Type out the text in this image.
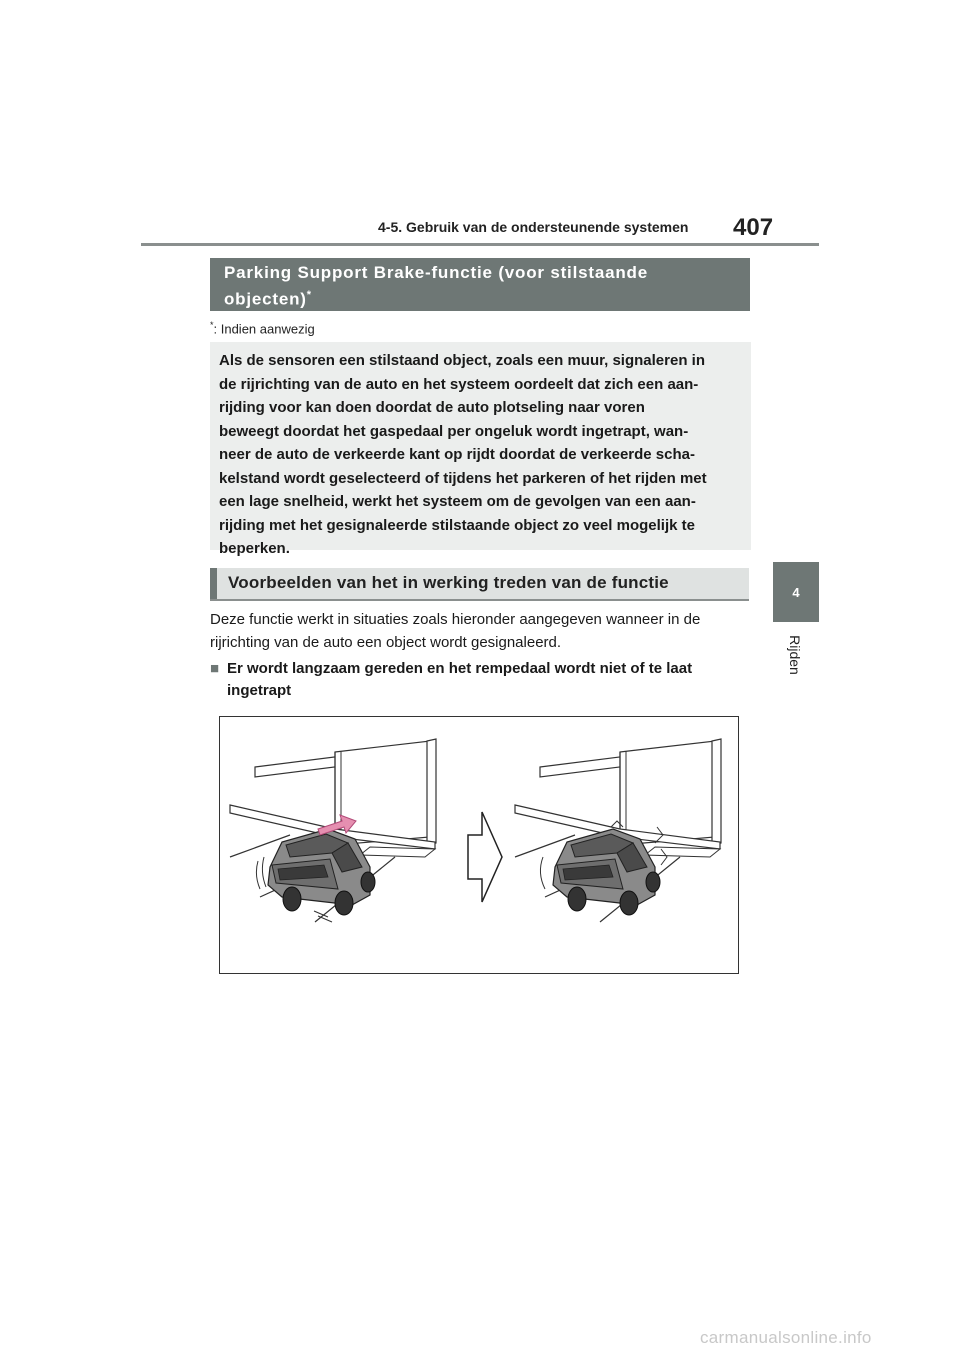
4-5. Gebruik van de ondersteunende systemen 407
4
Rijden
Parking Support Brake-functie (voor stilstaande objecten)*
*: Indien aanwezig
Als de sensoren een stilstaand object, zoals een muur, signaleren in
de rijrichting van de auto en het systeem oordeelt dat zich een aan-
rijding voor kan doen doordat de auto plotseling naar voren
beweegt doordat het gaspedaal per ongeluk wordt ingetrapt, wan-
neer de auto de verkeerde kant op rijdt doordat de verkeerde scha-
kelstand wordt geselecteerd of tijdens het parkeren of het rijden met
een lage snelheid, werkt het systeem om de gevolgen van een aan-
rijding met het gesignaleerde stilstaande object zo veel mogelijk te
beperken.
Voorbeelden van het in werking treden van de functie
Deze functie werkt in situaties zoals hieronder aangegeven wanneer in de
rijrichting van de auto een object wordt gesignaleerd.
■ Er wordt langzaam gereden en het rempedaal wordt niet of te laat
ingetrapt
carmanualsonline.info
